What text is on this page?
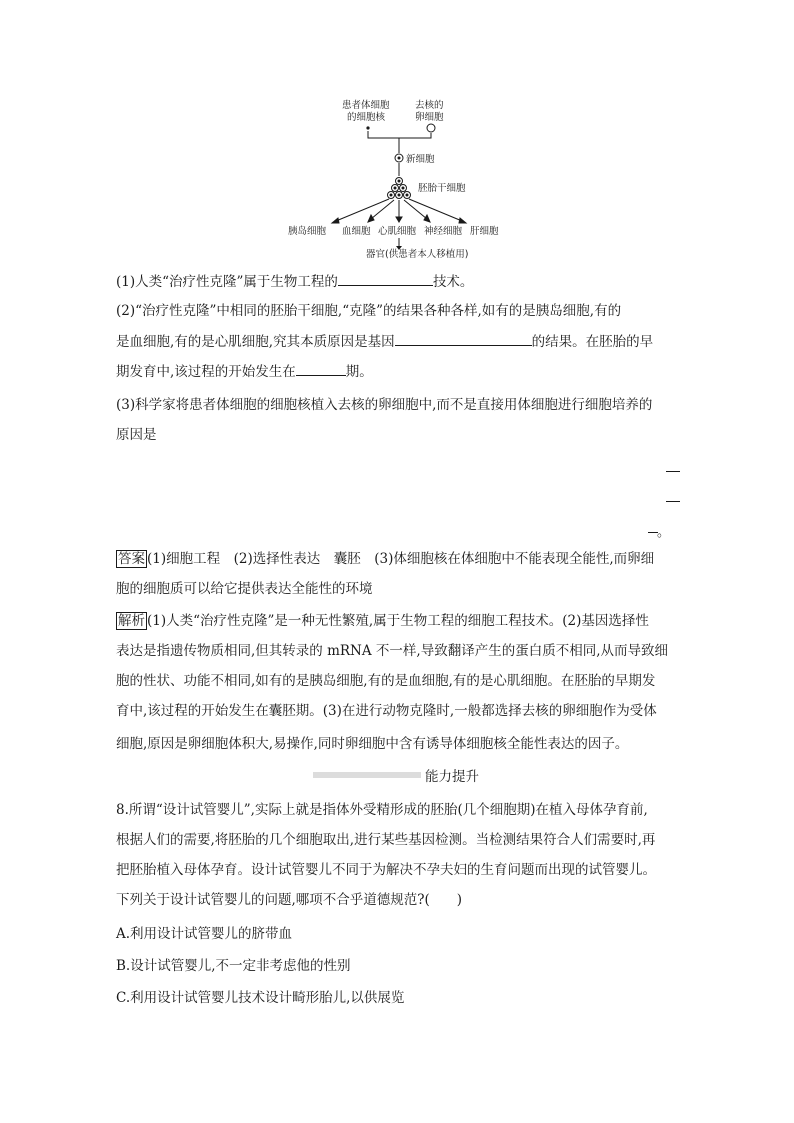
患者体细胞
的细胞核
去核的
卵细胞
新细胞
胚胎干细胞
胰岛细胞 血细胞 心肌细胞 神经细胞 肝细胞
器官(供患者本人移植用)
(1)人类“治疗性克隆”属于生物工程的	技术。
(2)“治疗性克隆”中相同的胚胎干细胞,“克隆”的结果各种各样,如有的是胰岛细胞,有的
是血细胞,有的是心肌细胞,究其本质原因是基因	的结果。在胚胎的早
期发育中,该过程的开始发生在	期。
(3)科学家将患者体细胞的细胞核植入去核的卵细胞中,而不是直接用体细胞进行细胞培养的
原因是
。
答案 (1)细胞工程　(2)选择性表达　囊胚　(3)体细胞核在体细胞中不能表现全能性,而卵细
胞的细胞质可以给它提供表达全能性的环境
解析 (1)人类“治疗性克隆”是一种无性繁殖,属于生物工程的细胞工程技术。(2)基因选择性
表达是指遗传物质相同,但其转录的 mRNA 不一样,导致翻译产生的蛋白质不相同,从而导致细
胞的性状、功能不相同,如有的是胰岛细胞,有的是血细胞,有的是心肌细胞。在胚胎的早期发
育中,该过程的开始发生在囊胚期。(3)在进行动物克隆时,一般都选择去核的卵细胞作为受体
细胞,原因是卵细胞体积大,易操作,同时卵细胞中含有诱导体细胞核全能性表达的因子。
能力提升
8.所谓“设计试管婴儿”,实际上就是指体外受精形成的胚胎(几个细胞期)在植入母体孕育前,
根据人们的需要,将胚胎的几个细胞取出,进行某些基因检测。当检测结果符合人们需要时,再
把胚胎植入母体孕育。设计试管婴儿不同于为解决不孕夫妇的生育问题而出现的试管婴儿。
下列关于设计试管婴儿的问题,哪项不合乎道德规范?(　　)
A.利用设计试管婴儿的脐带血
B.设计试管婴儿,不一定非考虑他的性别
C.利用设计试管婴儿技术设计畸形胎儿,以供展览
